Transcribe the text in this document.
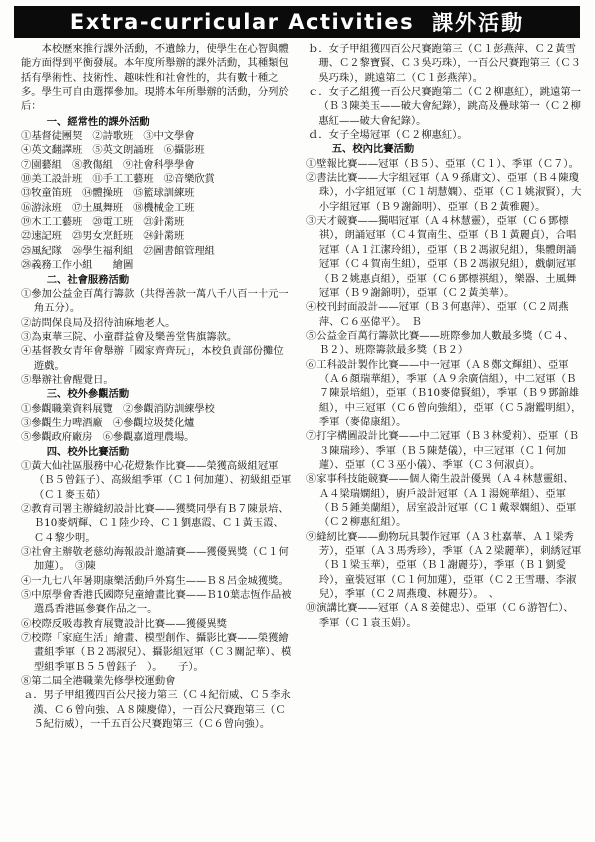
Extra-curricular Activities 課外活動
本校歷來推行課外活動，不遺餘力，使學生在心智與體能方面得到平衡發展。本年度所舉辦的課外活動，其種類包括有學術性、技術性、趣味性和社會性的，共有數十種之多。學生可自由選擇參加。現將本年所舉辦的活動，分列於后：
一、經常性的課外活動
①基督徒團契　②詩歌班　③中文學會
④英文翻譯班　⑤英文朗誦班　⑥攝影班
⑦園藝組　⑧教傷組　⑨社會科學學會
⑩美工設計班　⑪手工工藝班　⑫音樂欣賞
⑬牧童笛班　⑭體操班　⑮籃球訓練班
⑯游泳班　⑰土風舞班　⑱機械金工班
⑲木工工藝班　⑳電工班　㉑針黹班
㉒速記班　㉓男女烹飪班　㉔針黹班
㉕風紀隊　㉖學生福利組　㉗圖書館管理組
㉘義務工作小組　　繪圖
二、社會服務活動
①參加公益金百萬行籌款（共得善款一萬八千八百一十元一角五分）。
②訪問保良局及招待油麻地老人。
③為東華三院、小童群益會及樂善堂售旗籌款。
④基督教女青年會舉辦「國家齊齊玩」，本校負責部份攤位遊戲。
⑤舉辦社會醒覺日。
三、校外參觀活動
①參觀職業資料展覽　②參觀消防訓練學校
③參觀生力啤酒廠　④參觀垃圾焚化爐
⑤參觀政府廠房　⑥參觀嘉道理農場。
四、校外比賽活動
①黃大仙社區服務中心花燈紮作比賽——榮獲高級組冠軍（Ｂ５曾鈺子）、高級組季軍（Ｃ１何加蓮）、初級組亞軍（Ｃ１麥玉茹）
②教育司署主辦縫紉設計比賽——獲獎同學有Ｂ７陳景培、Ｂ10麥炳輝、Ｃ１陸少玲、Ｃ１劉惠霞、Ｃ１黃玉霞、Ｃ４黎少明。
③社會主辦敬老慈幼海報設計邀請賽——獲優異獎（Ｃ１何加蓮）。　③陳
④一九七八年暑期康樂活動戶外寫生——Ｂ８呂金城獲獎。
⑤中原學會香港氏國際兒童繪畫比賽——Ｂ10葉志恆作品被選爲香港區參賽作品之一。
⑥校際反吸毒教育展覽設計比賽——獲優異獎
⑦校際「家庭生活」繪畫、模型創作、攝影比賽——榮獲繪畫組季軍（Ｂ２馮淑兒）、攝影組冠軍（Ｃ３關記華）、模型組季軍Ｂ５５曾鈺子　）。　　子）。
⑧第二屆全港職業先修學校運動會
ａ．男子甲組獲四百公尺接力第三（Ｃ４紀衍威、Ｃ５李永漢、Ｃ６曾向強、Ａ８陳慶偉），一百公尺賽跑第三（Ｃ５紀衍威），一千五百公尺賽跑第三（Ｃ６曾向強）。
ｂ．女子甲組獲四百公尺賽跑第三（Ｃ１彭燕萍、Ｃ２黃雪珊、Ｃ２黎寶賢、Ｃ３吳巧珠），一百公尺賽跑第三（Ｃ３吳巧珠），跳遠第二（Ｃ１彭燕萍）。
ｃ．女子乙組獲一百公尺賽跑第二（Ｃ２柳惠紅），跳遠第一（Ｂ３陳美玉——破大會紀錄），跳高及疊球第一（Ｃ２柳惠紅——破大會紀錄）。
ｄ．女子全場冠軍（Ｃ２柳惠紅）。
五、校內比賽活動
①壁報比賽——冠軍（Ｂ５）、亞軍（Ｃ１）、季軍（Ｃ７）。
②書法比賽——大字組冠軍（Ａ９孫庸文）、亞軍（Ｂ４陳瓊珠），小字組冠軍（Ｃ１胡慧嫻）、亞軍（Ｃ１姚淑賢），大小字組冠軍（Ｂ９謝錦明）、亞軍（Ｂ２黃雅麗）。
③天才競賽——獨唱冠軍（Ａ４林慧靈），亞軍（Ｃ６鄧標祺），朗誦冠軍（Ｃ４賀南生、亞軍（Ｂ１黃麗貞），合唱冠軍（Ａ１江潔玲組），亞軍（Ｂ２馮淑兒組），集體朗誦冠軍（Ｃ４賀南生組），亞軍（Ｂ２馮淑兒組），戲劇冠軍（Ｂ２姚惠貞組），亞軍（Ｃ６鄧標祺組），樂器、土風舞冠軍（Ｂ９謝錦明），亞軍（Ｃ２黃美華）。
④校刊封面設計——冠軍（Ｂ３何惠萍）、亞軍（Ｃ２周燕萍、Ｃ６巫偉平）。　Ｂ
⑤公益金百萬行籌款比賽——班際參加人數最多獎（Ｃ４、Ｂ２）、班際籌款最多獎（Ｂ２）
⑥工科設計製作比賽——中一冠軍（Ａ８鄭文輝組）、亞軍（Ａ６顏瑞華組），季軍（Ａ９余廣信組），中二冠軍（Ｂ７陳景培組），亞軍（Ｂ10麥偉賢組），季軍（Ｂ９鄧錦雄組），中三冠軍（Ｃ６曾向強組），亞軍（Ｃ５謝鑑明組），季軍（麥偉康組）。
⑦打字構圖設計比賽——中二冠軍（Ｂ３林愛莉）、亞軍（Ｂ３陳瑞珍）、季軍（Ｂ５陳楚儀），中三冠軍（Ｃ１何加蓮）、亞軍（Ｃ３巫小儀）、季軍（Ｃ３何淑貞）。
⑧家事科技能競賽——個人衛生設計優異（Ａ４林慧靈組、Ａ４梁瑞嫻組），廚戶設計冠軍（Ａ１湯婉華組）、亞軍（Ｂ５鍾美蘭組），居室設計冠軍（Ｃ１戴翠嫻組）、亞軍（Ｃ２柳惠紅組）。
⑨縫紉比賽——動物玩具製作冠軍（Ａ３杜嘉華、Ａ１梁秀芳），亞軍（Ａ３馬秀珍），季軍（Ａ２梁麗華），刺綉冠軍（Ｂ１梁玉華），亞軍（Ｂ１謝麗芬），季軍（Ｂ１劉愛玲），童裝冠軍（Ｃ１何加蓮），亞軍（Ｃ２王雪珊、李淑兒），季軍（Ｃ２周燕瓊、林麗芬）。　、
⑩演講比賽——冠軍（Ａ８姜健忠）、亞軍（Ｃ６游智仁）、季軍（Ｃ１袁玉娟）。
